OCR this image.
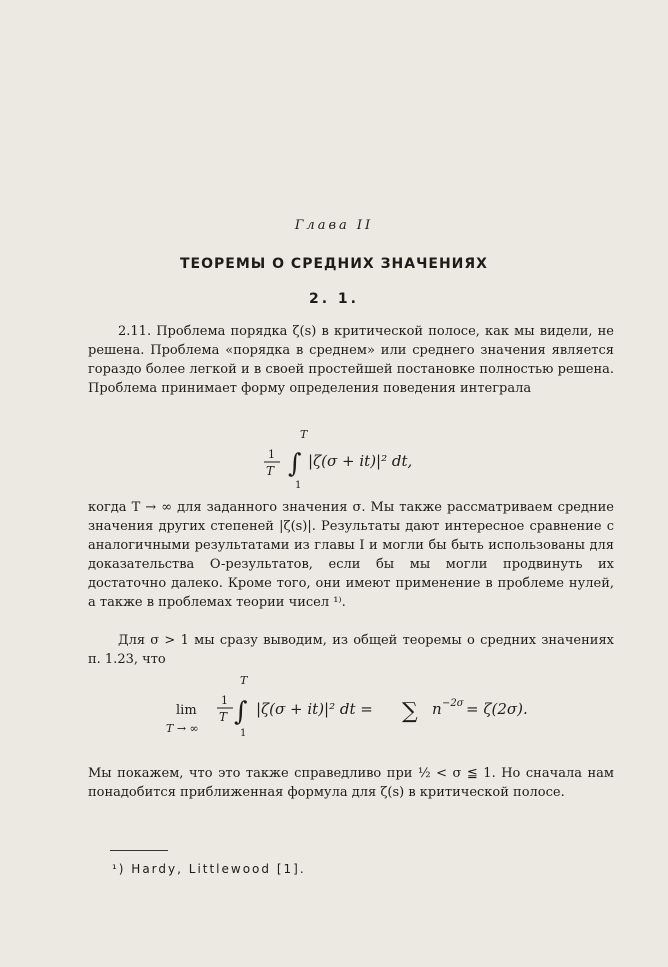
Глава II
ТЕОРЕМЫ О СРЕДНИХ ЗНАЧЕНИЯХ
2. 1.
2.11. Проблема порядка ζ(s) в критической полосе, как мы видели, не решена. Проблема «порядка в среднем» или среднего значения является гораздо более легкой и в своей простейшей постановке полностью решена. Проблема принимает форму определения поведения интеграла
T
1
T ∫
1
|ζ(σ + it)|² dt,
когда T → ∞ для заданного значения σ. Мы также рассматриваем средние значения других степеней |ζ(s)|. Результаты дают интересное сравнение с аналогичными результатами из главы I и могли бы быть использованы для доказательства O-результатов, если бы мы могли продвинуть их достаточно далеко. Кроме того, они имеют применение в проблеме нулей, а также в проблемах теории чисел ¹⁾.
Для σ > 1 мы сразу выводим, из общей теоремы о средних значениях п. 1.23, что
T
lim
T → ∞
1
T ∫
1
|ζ(σ + it)|² dt = ∑ n −2σ = ζ(2σ).
Мы покажем, что это также справедливо при ½ < σ ≦ 1. Но сначала нам понадобится приближенная формула для ζ(s) в критической полосе.
¹) Hardy, Littlewood [1].
